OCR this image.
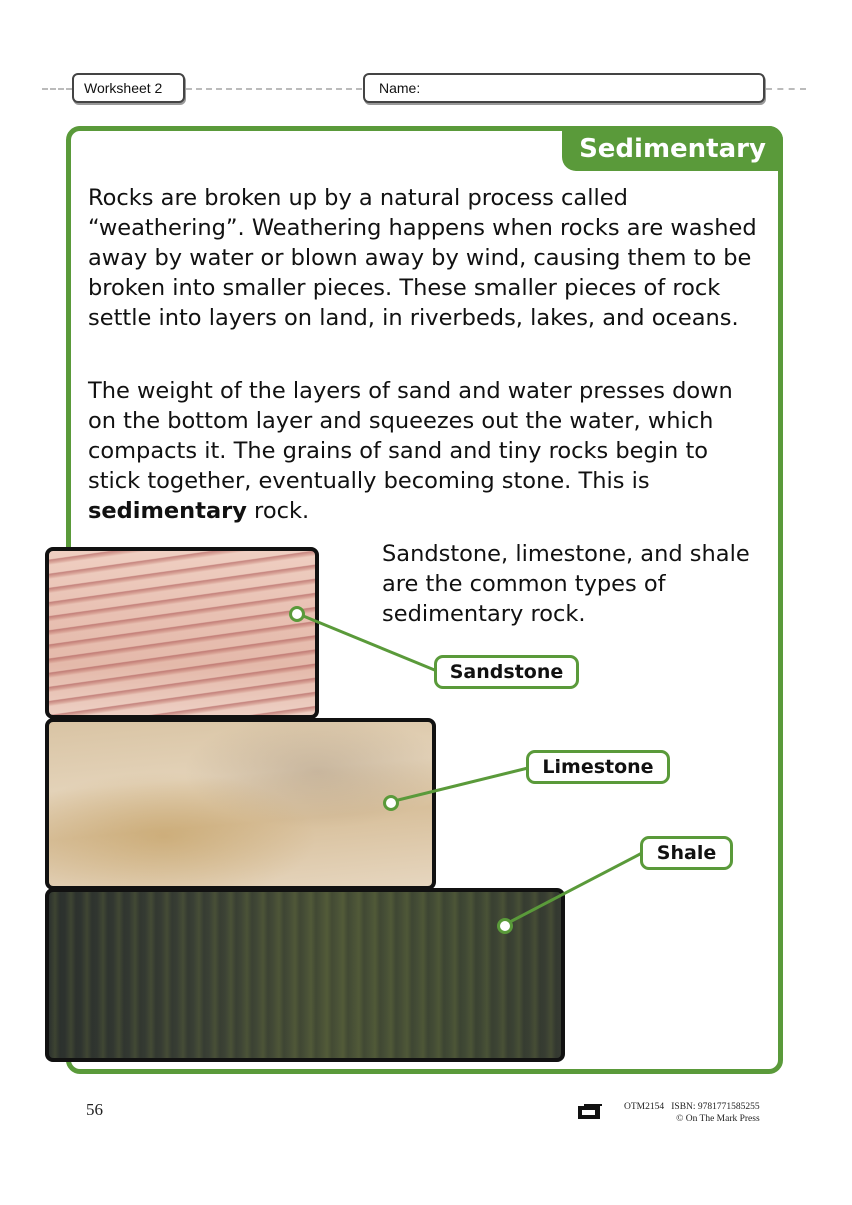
Worksheet 2	Name:
Sedimentary
Rocks are broken up by a natural process called “weathering”. Weathering happens when rocks are washed away by water or blown away by wind, causing them to be broken into smaller pieces. These smaller pieces of rock settle into layers on land, in riverbeds, lakes, and oceans.
The weight of the layers of sand and water presses down on the bottom layer and squeezes out the water, which compacts it. The grains of sand and tiny rocks begin to stick together, eventually becoming stone. This is sedimentary rock.
Sandstone, limestone, and shale are the common types of sedimentary rock.
Sandstone
Limestone
Shale
56	OTM2154 ISBN: 9781771585255
© On The Mark Press
